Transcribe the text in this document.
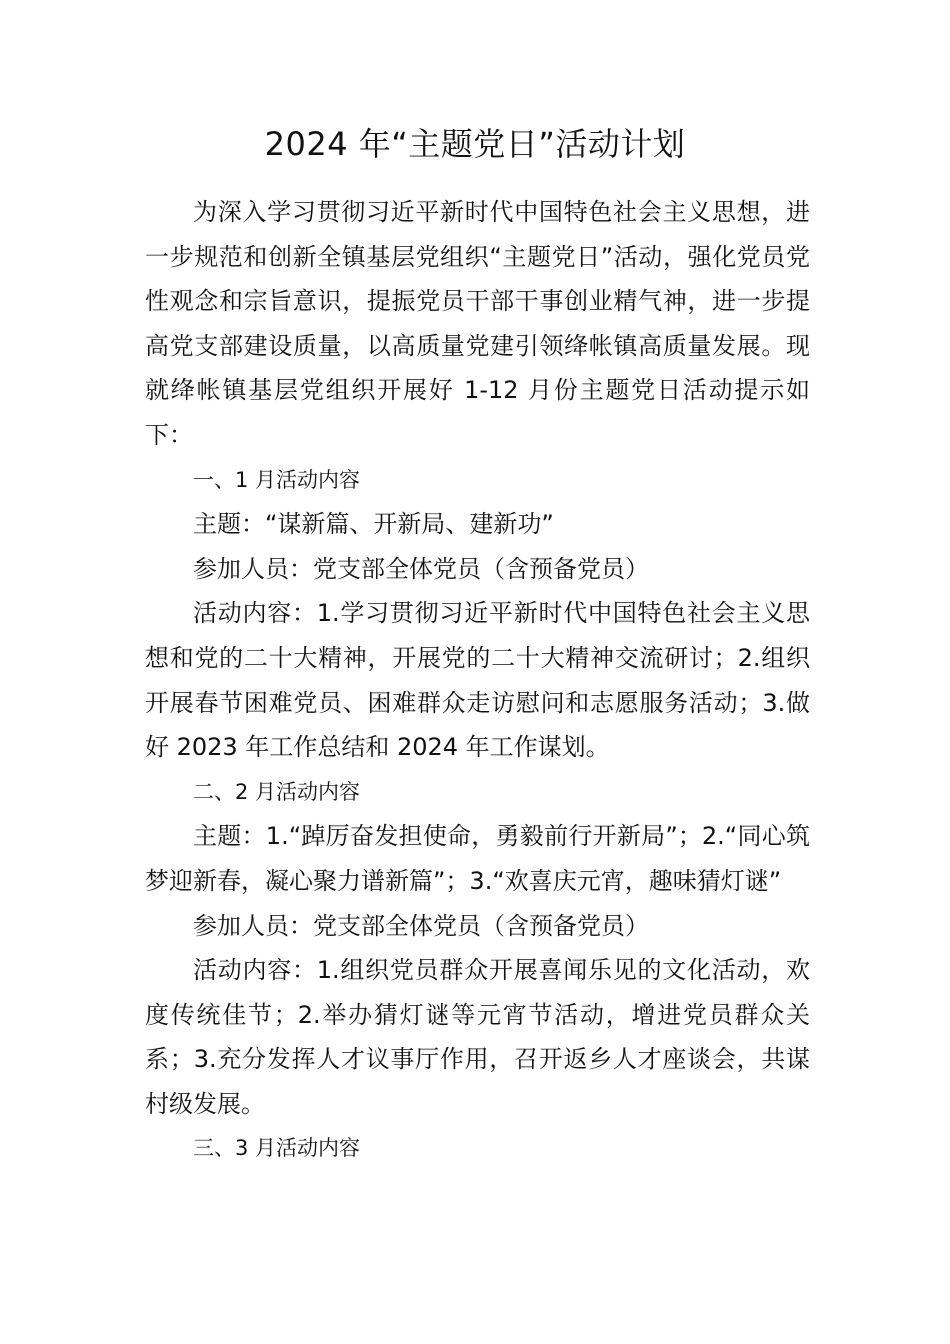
2024 年“主题党日”活动计划

为深入学习贯彻习近平新时代中国特色社会主义思想，进一步规范和创新全镇基层党组织“主题党日”活动，强化党员党性观念和宗旨意识，提振党员干部干事创业精气神，进一步提高党支部建设质量，以高质量党建引领绛帐镇高质量发展。现就绛帐镇基层党组织开展好 1-12 月份主题党日活动提示如下：

一、1 月活动内容

主题：“谋新篇、开新局、建新功”

参加人员：党支部全体党员（含预备党员）

活动内容：1.学习贯彻习近平新时代中国特色社会主义思想和党的二十大精神，开展党的二十大精神交流研讨；2.组织开展春节困难党员、困难群众走访慰问和志愿服务活动；3.做好 2023 年工作总结和 2024 年工作谋划。

二、2 月活动内容

主题：1.“踔厉奋发担使命，勇毅前行开新局”；2.“同心筑梦迎新春，凝心聚力谱新篇”；3.“欢喜庆元宵，趣味猜灯谜”

参加人员：党支部全体党员（含预备党员）

活动内容：1.组织党员群众开展喜闻乐见的文化活动，欢度传统佳节；2.举办猜灯谜等元宵节活动，增进党员群众关系；3.充分发挥人才议事厅作用，召开返乡人才座谈会，共谋村级发展。

三、3 月活动内容
